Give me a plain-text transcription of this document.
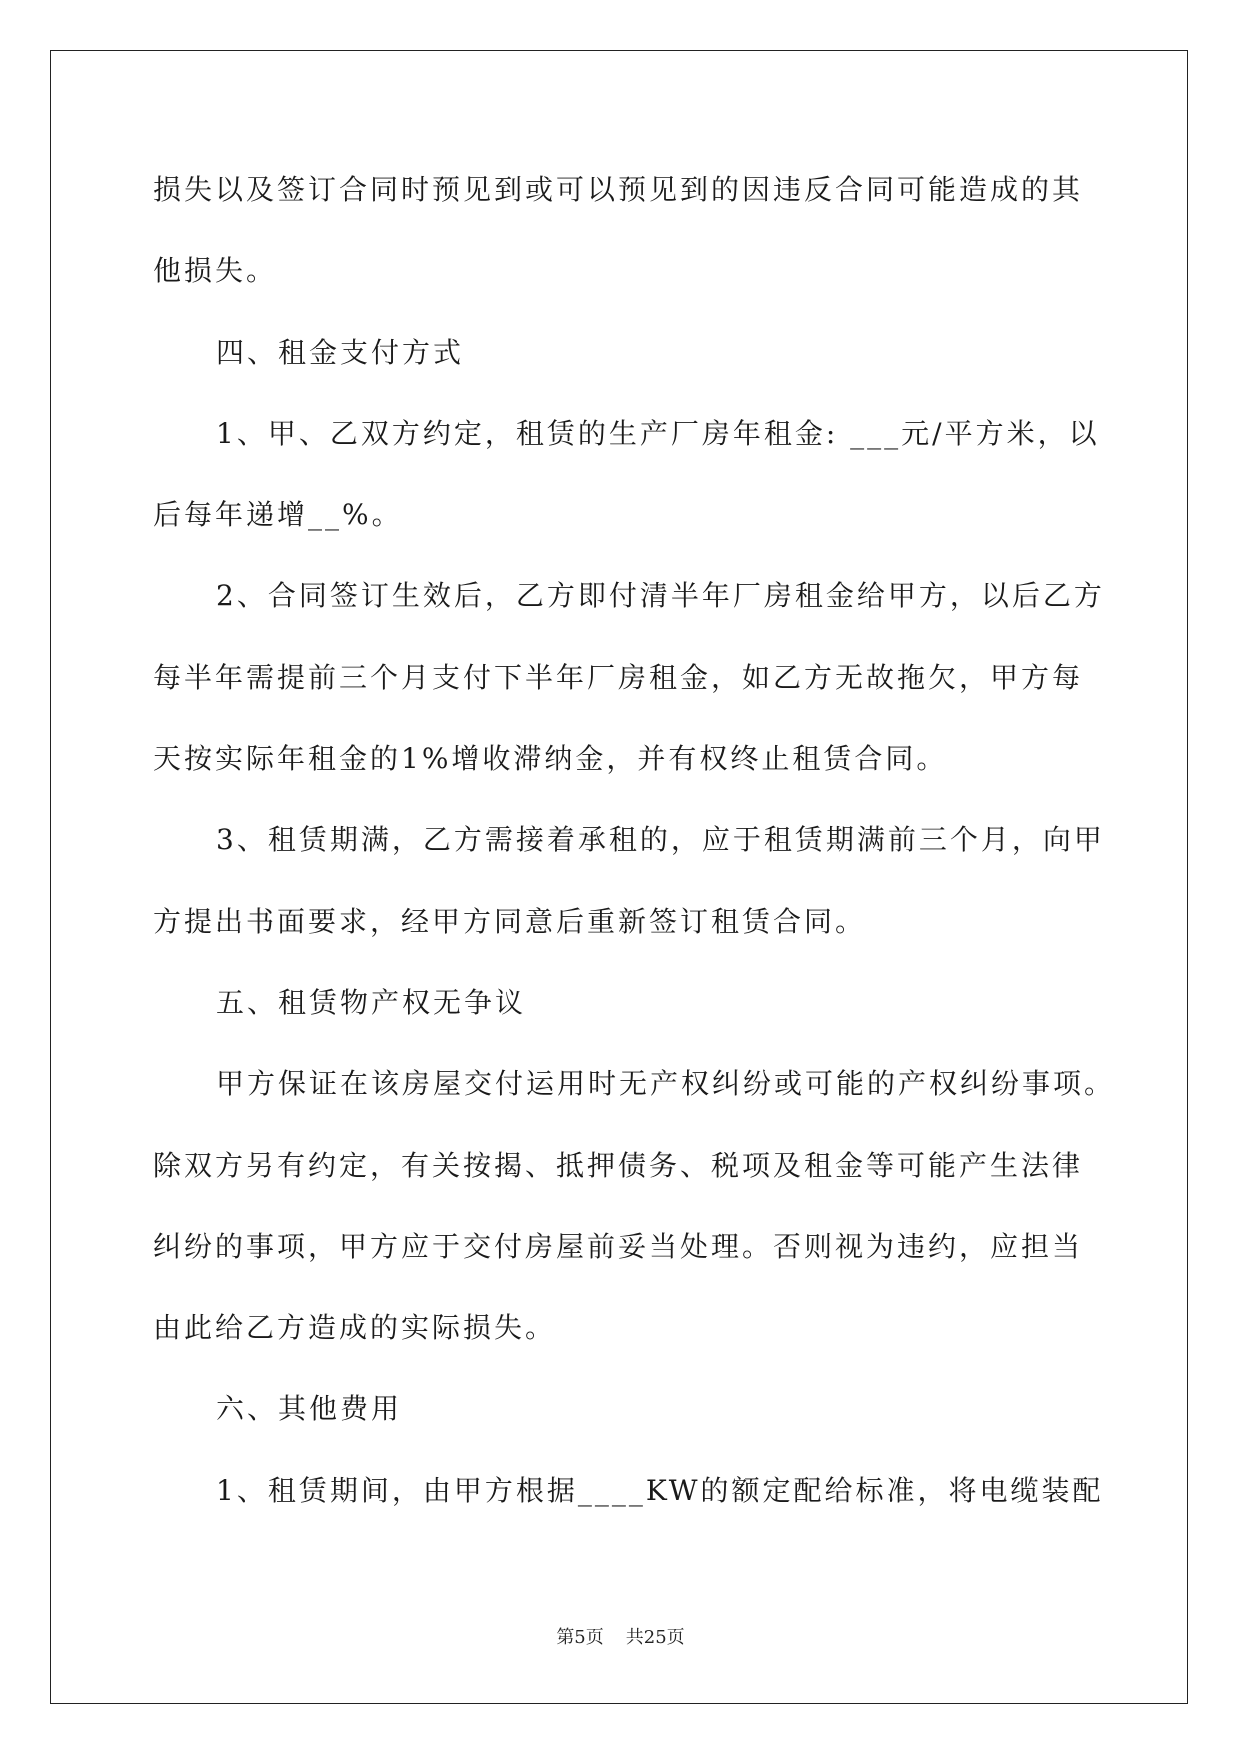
损失以及签订合同时预见到或可以预见到的因违反合同可能造成的其
他损失。
四、租金支付方式
1、甲、乙双方约定，租赁的生产厂房年租金: ___元/平方米，以
后每年递增__%。
2、合同签订生效后，乙方即付清半年厂房租金给甲方，以后乙方
每半年需提前三个月支付下半年厂房租金，如乙方无故拖欠，甲方每
天按实际年租金的1%增收滞纳金，并有权终止租赁合同。
3、租赁期满，乙方需接着承租的，应于租赁期满前三个月，向甲
方提出书面要求，经甲方同意后重新签订租赁合同。
五、租赁物产权无争议
甲方保证在该房屋交付运用时无产权纠纷或可能的产权纠纷事项。
除双方另有约定，有关按揭、抵押债务、税项及租金等可能产生法律
纠纷的事项，甲方应于交付房屋前妥当处理。否则视为违约，应担当
由此给乙方造成的实际损失。
六、其他费用
1、租赁期间，由甲方根据____KW的额定配给标准，将电缆装配
第5页 共25页
